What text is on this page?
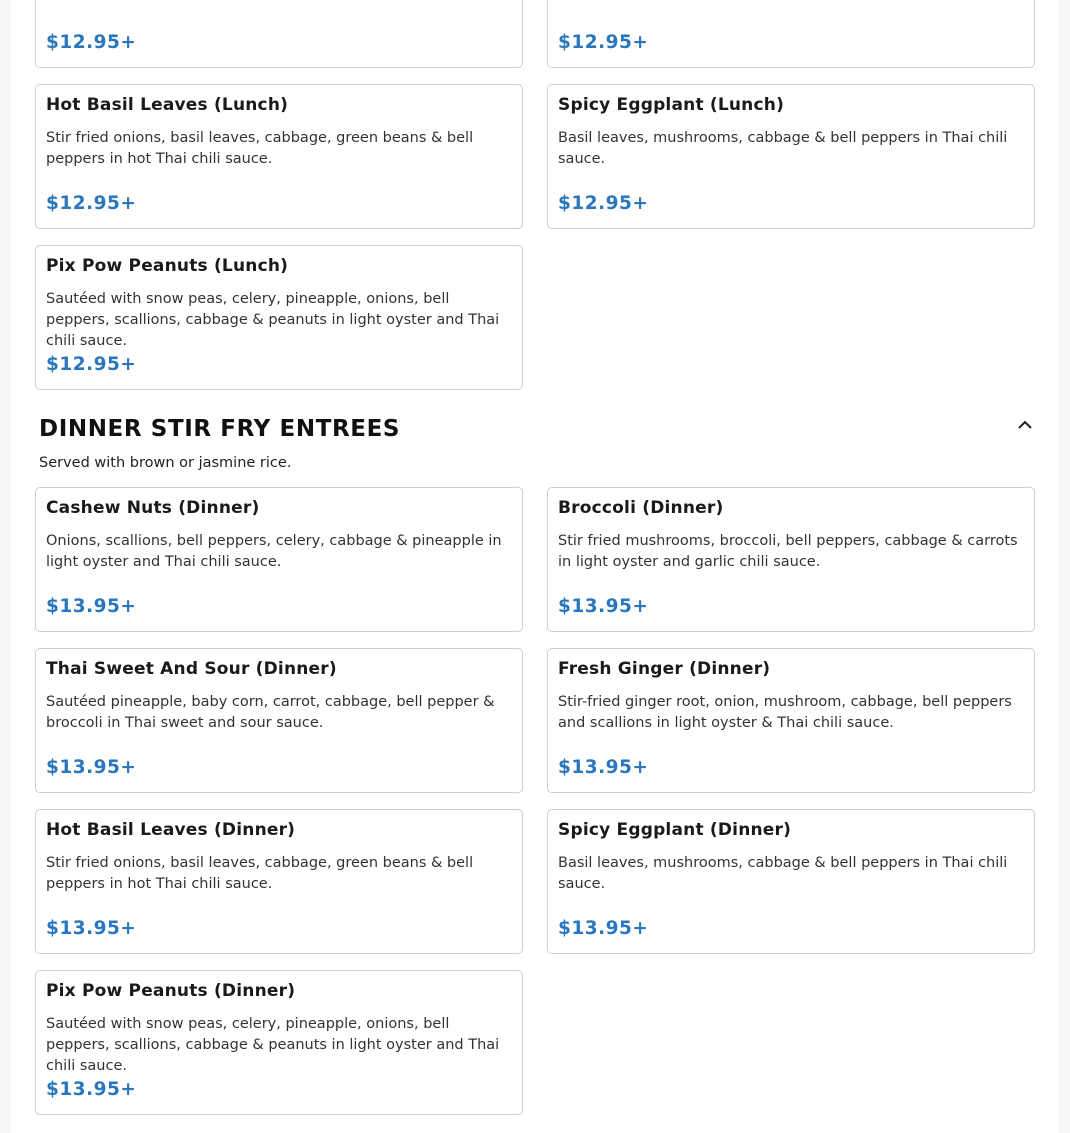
$12.95+	$12.95+
Hot Basil Leaves (Lunch)
Stir fried onions, basil leaves, cabbage, green beans & bell peppers in hot Thai chili sauce.
$12.95+
Spicy Eggplant (Lunch)
Basil leaves, mushrooms, cabbage & bell peppers in Thai chili sauce.
$12.95+
Pix Pow Peanuts (Lunch)
Sautéed with snow peas, celery, pineapple, onions, bell peppers, scallions, cabbage & peanuts in light oyster and Thai chili sauce.
$12.95+
DINNER STIR FRY ENTREES
Served with brown or jasmine rice.
Cashew Nuts (Dinner)
Onions, scallions, bell peppers, celery, cabbage & pineapple in light oyster and Thai chili sauce.
$13.95+
Broccoli (Dinner)
Stir fried mushrooms, broccoli, bell peppers, cabbage & carrots in light oyster and garlic chili sauce.
$13.95+
Thai Sweet And Sour (Dinner)
Sautéed pineapple, baby corn, carrot, cabbage, bell pepper & broccoli in Thai sweet and sour sauce.
$13.95+
Fresh Ginger (Dinner)
Stir-fried ginger root, onion, mushroom, cabbage, bell peppers and scallions in light oyster & Thai chili sauce.
$13.95+
Hot Basil Leaves (Dinner)
Stir fried onions, basil leaves, cabbage, green beans & bell peppers in hot Thai chili sauce.
$13.95+
Spicy Eggplant (Dinner)
Basil leaves, mushrooms, cabbage & bell peppers in Thai chili sauce.
$13.95+
Pix Pow Peanuts (Dinner)
Sautéed with snow peas, celery, pineapple, onions, bell peppers, scallions, cabbage & peanuts in light oyster and Thai chili sauce.
$13.95+
